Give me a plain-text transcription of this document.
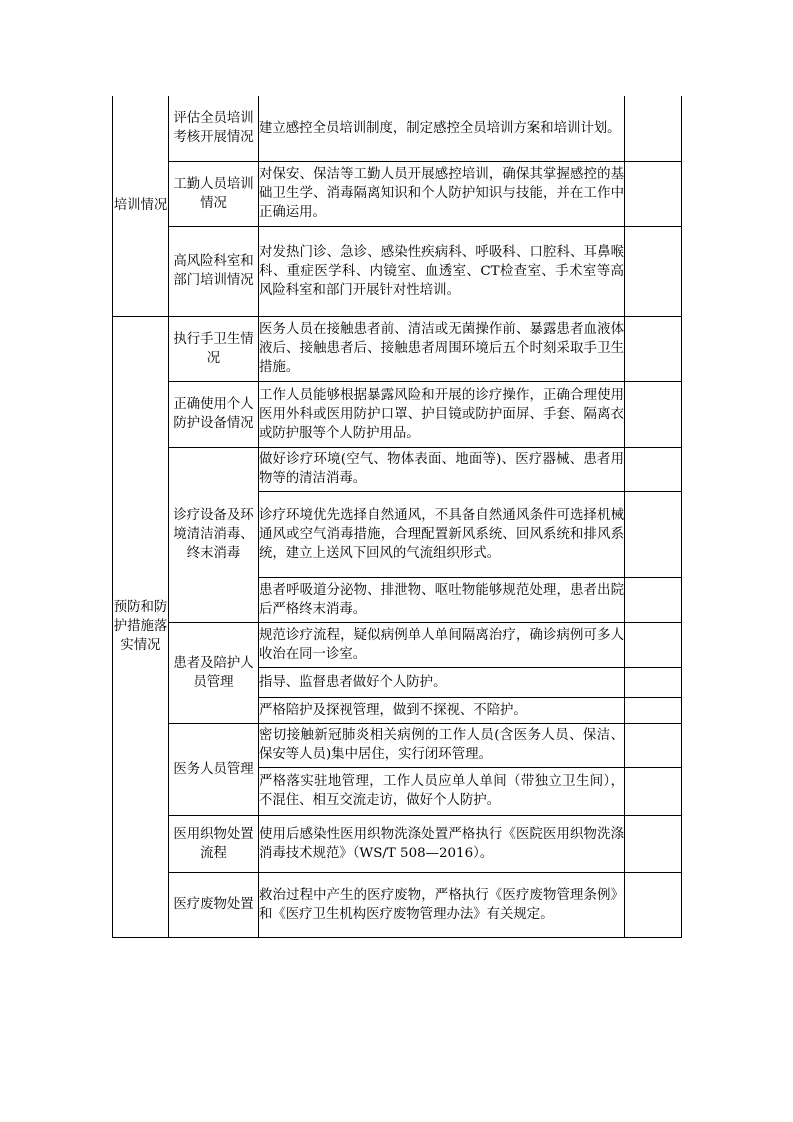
培训情况	评估全员培训考核开展情况	建立感控全员培训制度，制定感控全员培训方案和培训计划。	
	工勤人员培训情况	对保安、保洁等工勤人员开展感控培训，确保其掌握感控的基础卫生学、消毒隔离知识和个人防护知识与技能，并在工作中正确运用。	
	高风险科室和部门培训情况	对发热门诊、急诊、感染性疾病科、呼吸科、口腔科、耳鼻喉科、重症医学科、内镜室、血透室、CT检查室、手术室等高风险科室和部门开展针对性培训。	
预防和防护措施落实情况	执行手卫生情况	医务人员在接触患者前、清洁或无菌操作前、暴露患者血液体液后、接触患者后、接触患者周围环境后五个时刻采取手卫生措施。	
	正确使用个人防护设备情况	工作人员能够根据暴露风险和开展的诊疗操作，正确合理使用医用外科或医用防护口罩、护目镜或防护面屏、手套、隔离衣或防护服等个人防护用品。	
	诊疗设备及环境清洁消毒、终末消毒	做好诊疗环境(空气、物体表面、地面等)、医疗器械、患者用物等的清洁消毒。	
		诊疗环境优先选择自然通风，不具备自然通风条件可选择机械通风或空气消毒措施，合理配置新风系统、回风系统和排风系统，建立上送风下回风的气流组织形式。	
		患者呼吸道分泌物、排泄物、呕吐物能够规范处理，患者出院后严格终末消毒。	
	患者及陪护人员管理	规范诊疗流程，疑似病例单人单间隔离治疗，确诊病例可多人收治在同一诊室。	
		指导、监督患者做好个人防护。	
		严格陪护及探视管理，做到不探视、不陪护。	
	医务人员管理	密切接触新冠肺炎相关病例的工作人员(含医务人员、保洁、保安等人员)集中居住，实行闭环管理。	
		严格落实驻地管理，工作人员应单人单间（带独立卫生间），不混住、相互交流走访，做好个人防护。	
	医用织物处置流程	使用后感染性医用织物洗涤处置严格执行《医院医用织物洗涤消毒技术规范》（WS/T 508—2016）。	
	医疗废物处置	救治过程中产生的医疗废物，严格执行《医疗废物管理条例》和《医疗卫生机构医疗废物管理办法》有关规定。	
